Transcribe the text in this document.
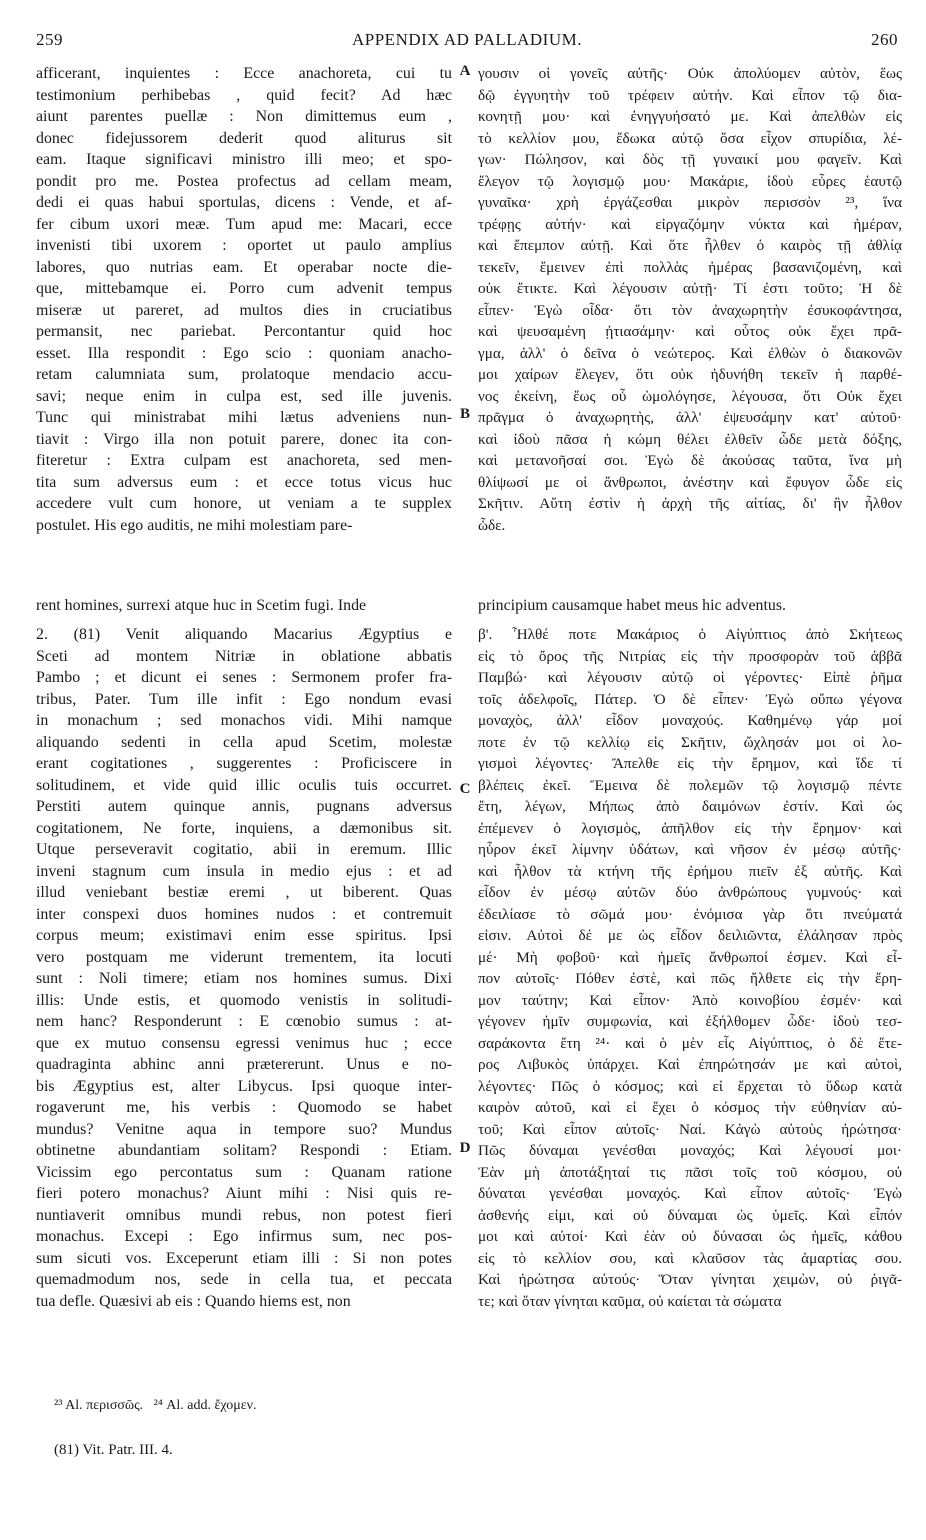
259	APPENDIX AD PALLADIUM.	260
afficerant, inquientes : Ecce anachoreta, cui tu
testimonium perhibebas , quid fecit? Ad hæc
aiunt parentes puellæ : Non dimittemus eum ,
donec fidejussorem dederit quod aliturus sit
eam. Itaque significavi ministro illi meo; et spo-
pondit pro me. Postea profectus ad cellam meam,
dedi ei quas habui sportulas, dicens : Vende, et af-
fer cibum uxori meæ. Tum apud me: Macari, ecce
invenisti tibi uxorem : oportet ut paulo amplius
labores, quo nutrias eam. Et operabar nocte die-
que, mittebamque ei. Porro cum advenit tempus
miseræ ut pareret, ad multos dies in cruciatibus
permansit, nec pariebat. Percontantur quid hoc
esset. Illa respondit : Ego scio : quoniam anacho-
retam calumniata sum, prolatoque mendacio accu-
savi; neque enim in culpa est, sed ille juvenis.
Tunc qui ministrabat mihi lætus adveniens nun-
tiavit : Virgo illa non potuit parere, donec ita con-
fiteretur : Extra culpam est anachoreta, sed men-
tita sum adversus eum : et ecce totus vicus huc
accedere vult cum honore, ut veniam a te supplex
postulet. His ego auditis, ne mihi molestiam pare-
γουσιν οἱ γονεῖς αὐτῆς· Οὐκ ἀπολύομεν αὐτὸν, ἕως
δῷ ἐγγυητὴν τοῦ τρέφειν αὐτήν. Καὶ εἶπον τῷ δια-
κονητῇ μου· καὶ ἐνηγγυήσατό με. Καὶ ἀπελθὼν εἰς
τὸ κελλίον μου, ἔδωκα αὐτῷ ὅσα εἶχον σπυρίδια, λέ-
γων· Πώλησον, καὶ δὸς τῇ γυναικί μου φαγεῖν. Καὶ
ἔλεγον τῷ λογισμῷ μου· Μακάριε, ἰδοὺ εὗρες ἑαυτῷ
γυναῖκα· χρὴ ἐργάζεσθαι μικρὸν περισσὸν ²³, ἵνα
τρέφῃς αὐτήν· καὶ εἰργαζόμην νύκτα καὶ ἡμέραν,
καὶ ἔπεμπον αὐτῇ. Καὶ ὅτε ἦλθεν ὁ καιρὸς τῇ ἀθλίᾳ
τεκεῖν, ἔμεινεν ἐπὶ πολλὰς ἡμέρας βασανιζομένη, καὶ
οὐκ ἔτικτε. Καὶ λέγουσιν αὐτῇ· Τί ἐστι τοῦτο; Ἡ δὲ
εἶπεν· Ἐγὼ οἶδα· ὅτι τὸν ἀναχωρητὴν ἐσυκοφάντησα,
καὶ ψευσαμένη ᾐτιασάμην· καὶ οὗτος οὐκ ἔχει πρᾶ-
γμα, ἀλλ' ὁ δεῖνα ὁ νεώτερος. Καὶ ἐλθὼν ὁ διακονῶν
μοι χαίρων ἔλεγεν, ὅτι οὐκ ἠδυνήθη τεκεῖν ἡ παρθέ-
νος ἐκείνη, ἕως οὗ ὡμολόγησε, λέγουσα, ὅτι Οὐκ ἔχει
πρᾶγμα ὁ ἀναχωρητὴς, ἀλλ' ἐψευσάμην κατ' αὐτοῦ·
καὶ ἰδοὺ πᾶσα ἡ κώμη θέλει ἐλθεῖν ὧδε μετὰ δόξης,
καὶ μετανοῆσαί σοι. Ἐγὼ δὲ ἀκούσας ταῦτα, ἵνα μὴ
θλίψωσί με οἱ ἄνθρωποι, ἀνέστην καὶ ἔφυγον ὧδε εἰς
Σκῆτιν. Αὕτη ἐστὶν ἡ ἀρχὴ τῆς αἰτίας, δι' ἣν ἦλθον
ὧδε.
rent homines, surrexi atque huc in Scetim fugi. Inde	principium causamque habet meus hic adventus.
2. (81) Venit aliquando Macarius Ægyptius e
Sceti ad montem Nitriæ in oblatione abbatis
Pambo ; et dicunt ei senes : Sermonem profer fra-
tribus, Pater. Tum ille infit : Ego nondum evasi
in monachum ; sed monachos vidi. Mihi namque
aliquando sedenti in cella apud Scetim, molestæ
erant cogitationes , suggerentes : Proficiscere in
solitudinem, et vide quid illic oculis tuis occurret.
Perstiti autem quinque annis, pugnans adversus
cogitationem, Ne forte, inquiens, a dæmonibus sit.
Utque perseveravit cogitatio, abii in eremum. Illic
inveni stagnum cum insula in medio ejus : et ad
illud veniebant bestiæ eremi , ut biberent. Quas
inter conspexi duos homines nudos : et contremuit
corpus meum; existimavi enim esse spiritus. Ipsi
vero postquam me viderunt trementem, ita locuti
sunt : Noli timere; etiam nos homines sumus. Dixi
illis: Unde estis, et quomodo venistis in solitudi-
nem hanc? Responderunt : E cœnobio sumus : at-
que ex mutuo consensu egressi venimus huc ; ecce
quadraginta abhinc anni prætererunt. Unus e no-
bis Ægyptius est, alter Libycus. Ipsi quoque inter-
rogaverunt me, his verbis : Quomodo se habet
mundus? Venitne aqua in tempore suo? Mundus
obtinetne abundantiam solitam? Respondi : Etiam.
Vicissim ego percontatus sum : Quanam ratione
fieri potero monachus? Aiunt mihi : Nisi quis re-
nuntiaverit omnibus mundi rebus, non potest fieri
monachus. Excepi : Ego infirmus sum, nec pos-
sum sicuti vos. Exceperunt etiam illi : Si non potes
quemadmodum nos, sede in cella tua, et peccata
tua defle. Quæsivi ab eis : Quando hiems est, non
β'. Ἦλθέ ποτε Μακάριος ὁ Αἰγύπτιος ἀπὸ Σκήτεως
εἰς τὸ ὄρος τῆς Νιτρίας εἰς τὴν προσφορὰν τοῦ ἀββᾶ
Παμβώ· καὶ λέγουσιν αὐτῷ οἱ γέροντες· Εἰπὲ ῥῆμα
τοῖς ἀδελφοῖς, Πάτερ. Ὁ δὲ εἶπεν· Ἐγὼ οὔπω γέγονα
μοναχὸς, ἀλλ' εἶδον μοναχούς. Καθημένῳ γάρ μοί
ποτε ἐν τῷ κελλίῳ εἰς Σκῆτιν, ὤχλησάν μοι οἱ λο-
γισμοὶ λέγοντες· Ἄπελθε εἰς τὴν ἔρημον, καὶ ἴδε τί
βλέπεις ἐκεῖ. Ἔμεινα δὲ πολεμῶν τῷ λογισμῷ πέντε
ἔτη, λέγων, Μήπως ἀπὸ δαιμόνων ἐστίν. Καὶ ὡς
ἐπέμενεν ὁ λογισμὸς, ἀπῆλθον εἰς τὴν ἔρημον· καὶ
ηὗρον ἐκεῖ λίμνην ὑδάτων, καὶ νῆσον ἐν μέσῳ αὐτῆς·
καὶ ἦλθον τὰ κτήνη τῆς ἐρήμου πιεῖν ἐξ αὐτῆς. Καὶ
εἶδον ἐν μέσῳ αὐτῶν δύο ἀνθρώπους γυμνούς· καὶ
ἐδειλίασε τὸ σῶμά μου· ἐνόμισα γὰρ ὅτι πνεύματά
εἰσιν. Αὐτοὶ δέ με ὡς εἶδον δειλιῶντα, ἐλάλησαν πρὸς
μέ· Μὴ φοβοῦ· καὶ ἡμεῖς ἄνθρωποί ἐσμεν. Καὶ εἶ-
πον αὐτοῖς· Πόθεν ἐστὲ, καὶ πῶς ἤλθετε εἰς τὴν ἔρη-
μον ταύτην; Καὶ εἶπον· Ἀπὸ κοινοβίου ἐσμέν· καὶ
γέγονεν ἡμῖν συμφωνία, καὶ ἐξήλθομεν ὧδε· ἰδοὺ τεσ-
σαράκοντα ἔτη ²⁴· καὶ ὁ μὲν εἷς Αἰγύπτιος, ὁ δὲ ἕτε-
ρος Λιβυκὸς ὑπάρχει. Καὶ ἐπηρώτησάν με καὶ αὐτοὶ,
λέγοντες· Πῶς ὁ κόσμος; καὶ εἰ ἔρχεται τὸ ὕδωρ κατὰ
καιρὸν αὐτοῦ, καὶ εἰ ἔχει ὁ κόσμος τὴν εὐθηνίαν αὐ-
τοῦ; Καὶ εἶπον αὐτοῖς· Ναί. Κἀγὼ αὐτοὺς ἠρώτησα·
Πῶς δύναμαι γενέσθαι μοναχός; Καὶ λέγουσί μοι·
Ἐὰν μὴ ἀποτάξηταί τις πᾶσι τοῖς τοῦ κόσμου, οὐ
δύναται γενέσθαι μοναχός. Καὶ εἶπον αὐτοῖς· Ἐγὼ
ἀσθενής εἰμι, καὶ οὐ δύναμαι ὡς ὑμεῖς. Καὶ εἶπόν
μοι καὶ αὐτοί· Καὶ ἐὰν οὐ δύνασαι ὡς ἡμεῖς, κάθου
εἰς τὸ κελλίον σου, καὶ κλαῦσον τὰς ἁμαρτίας σου.
Καὶ ἠρώτησα αὐτούς· Ὅταν γίνηται χειμὼν, οὐ ῥιγᾶ-
τε; καὶ ὅταν γίνηται καῦμα, οὐ καίεται τὰ σώματα
A
B
C
D
²³ Al. περισσῶς.   ²⁴ Al. add. ἔχομεν.
(81) Vit. Patr. III. 4.
